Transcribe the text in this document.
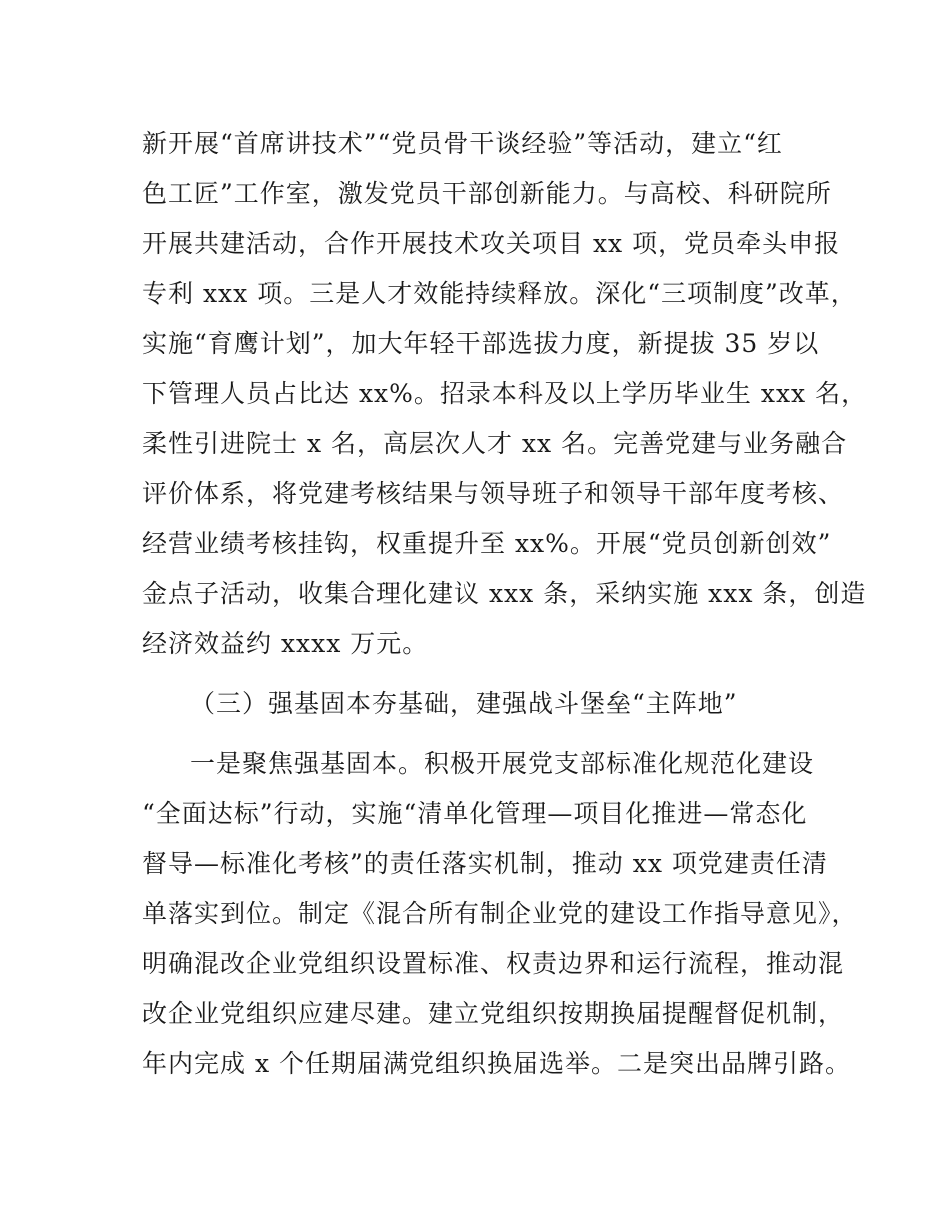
新开展“首席讲技术”“党员骨干谈经验”等活动，建立“红
色工匠”工作室，激发党员干部创新能力。与高校、科研院所
开展共建活动，合作开展技术攻关项目 xx 项，党员牵头申报
专利 xxx 项。三是人才效能持续释放。深化“三项制度”改革，
实施“育鹰计划”，加大年轻干部选拔力度，新提拔 35 岁以
下管理人员占比达 xx%。招录本科及以上学历毕业生 xxx 名，
柔性引进院士 x 名，高层次人才 xx 名。完善党建与业务融合
评价体系，将党建考核结果与领导班子和领导干部年度考核、
经营业绩考核挂钩，权重提升至 xx%。开展“党员创新创效”
金点子活动，收集合理化建议 xxx 条，采纳实施 xxx 条，创造
经济效益约 xxxx 万元。
（三）强基固本夯基础，建强战斗堡垒“主阵地”
一是聚焦强基固本。积极开展党支部标准化规范化建设
“全面达标”行动，实施“清单化管理—项目化推进—常态化
督导—标准化考核”的责任落实机制，推动 xx 项党建责任清
单落实到位。制定《混合所有制企业党的建设工作指导意见》，
明确混改企业党组织设置标准、权责边界和运行流程，推动混
改企业党组织应建尽建。建立党组织按期换届提醒督促机制，
年内完成 x 个任期届满党组织换届选举。二是突出品牌引路。
